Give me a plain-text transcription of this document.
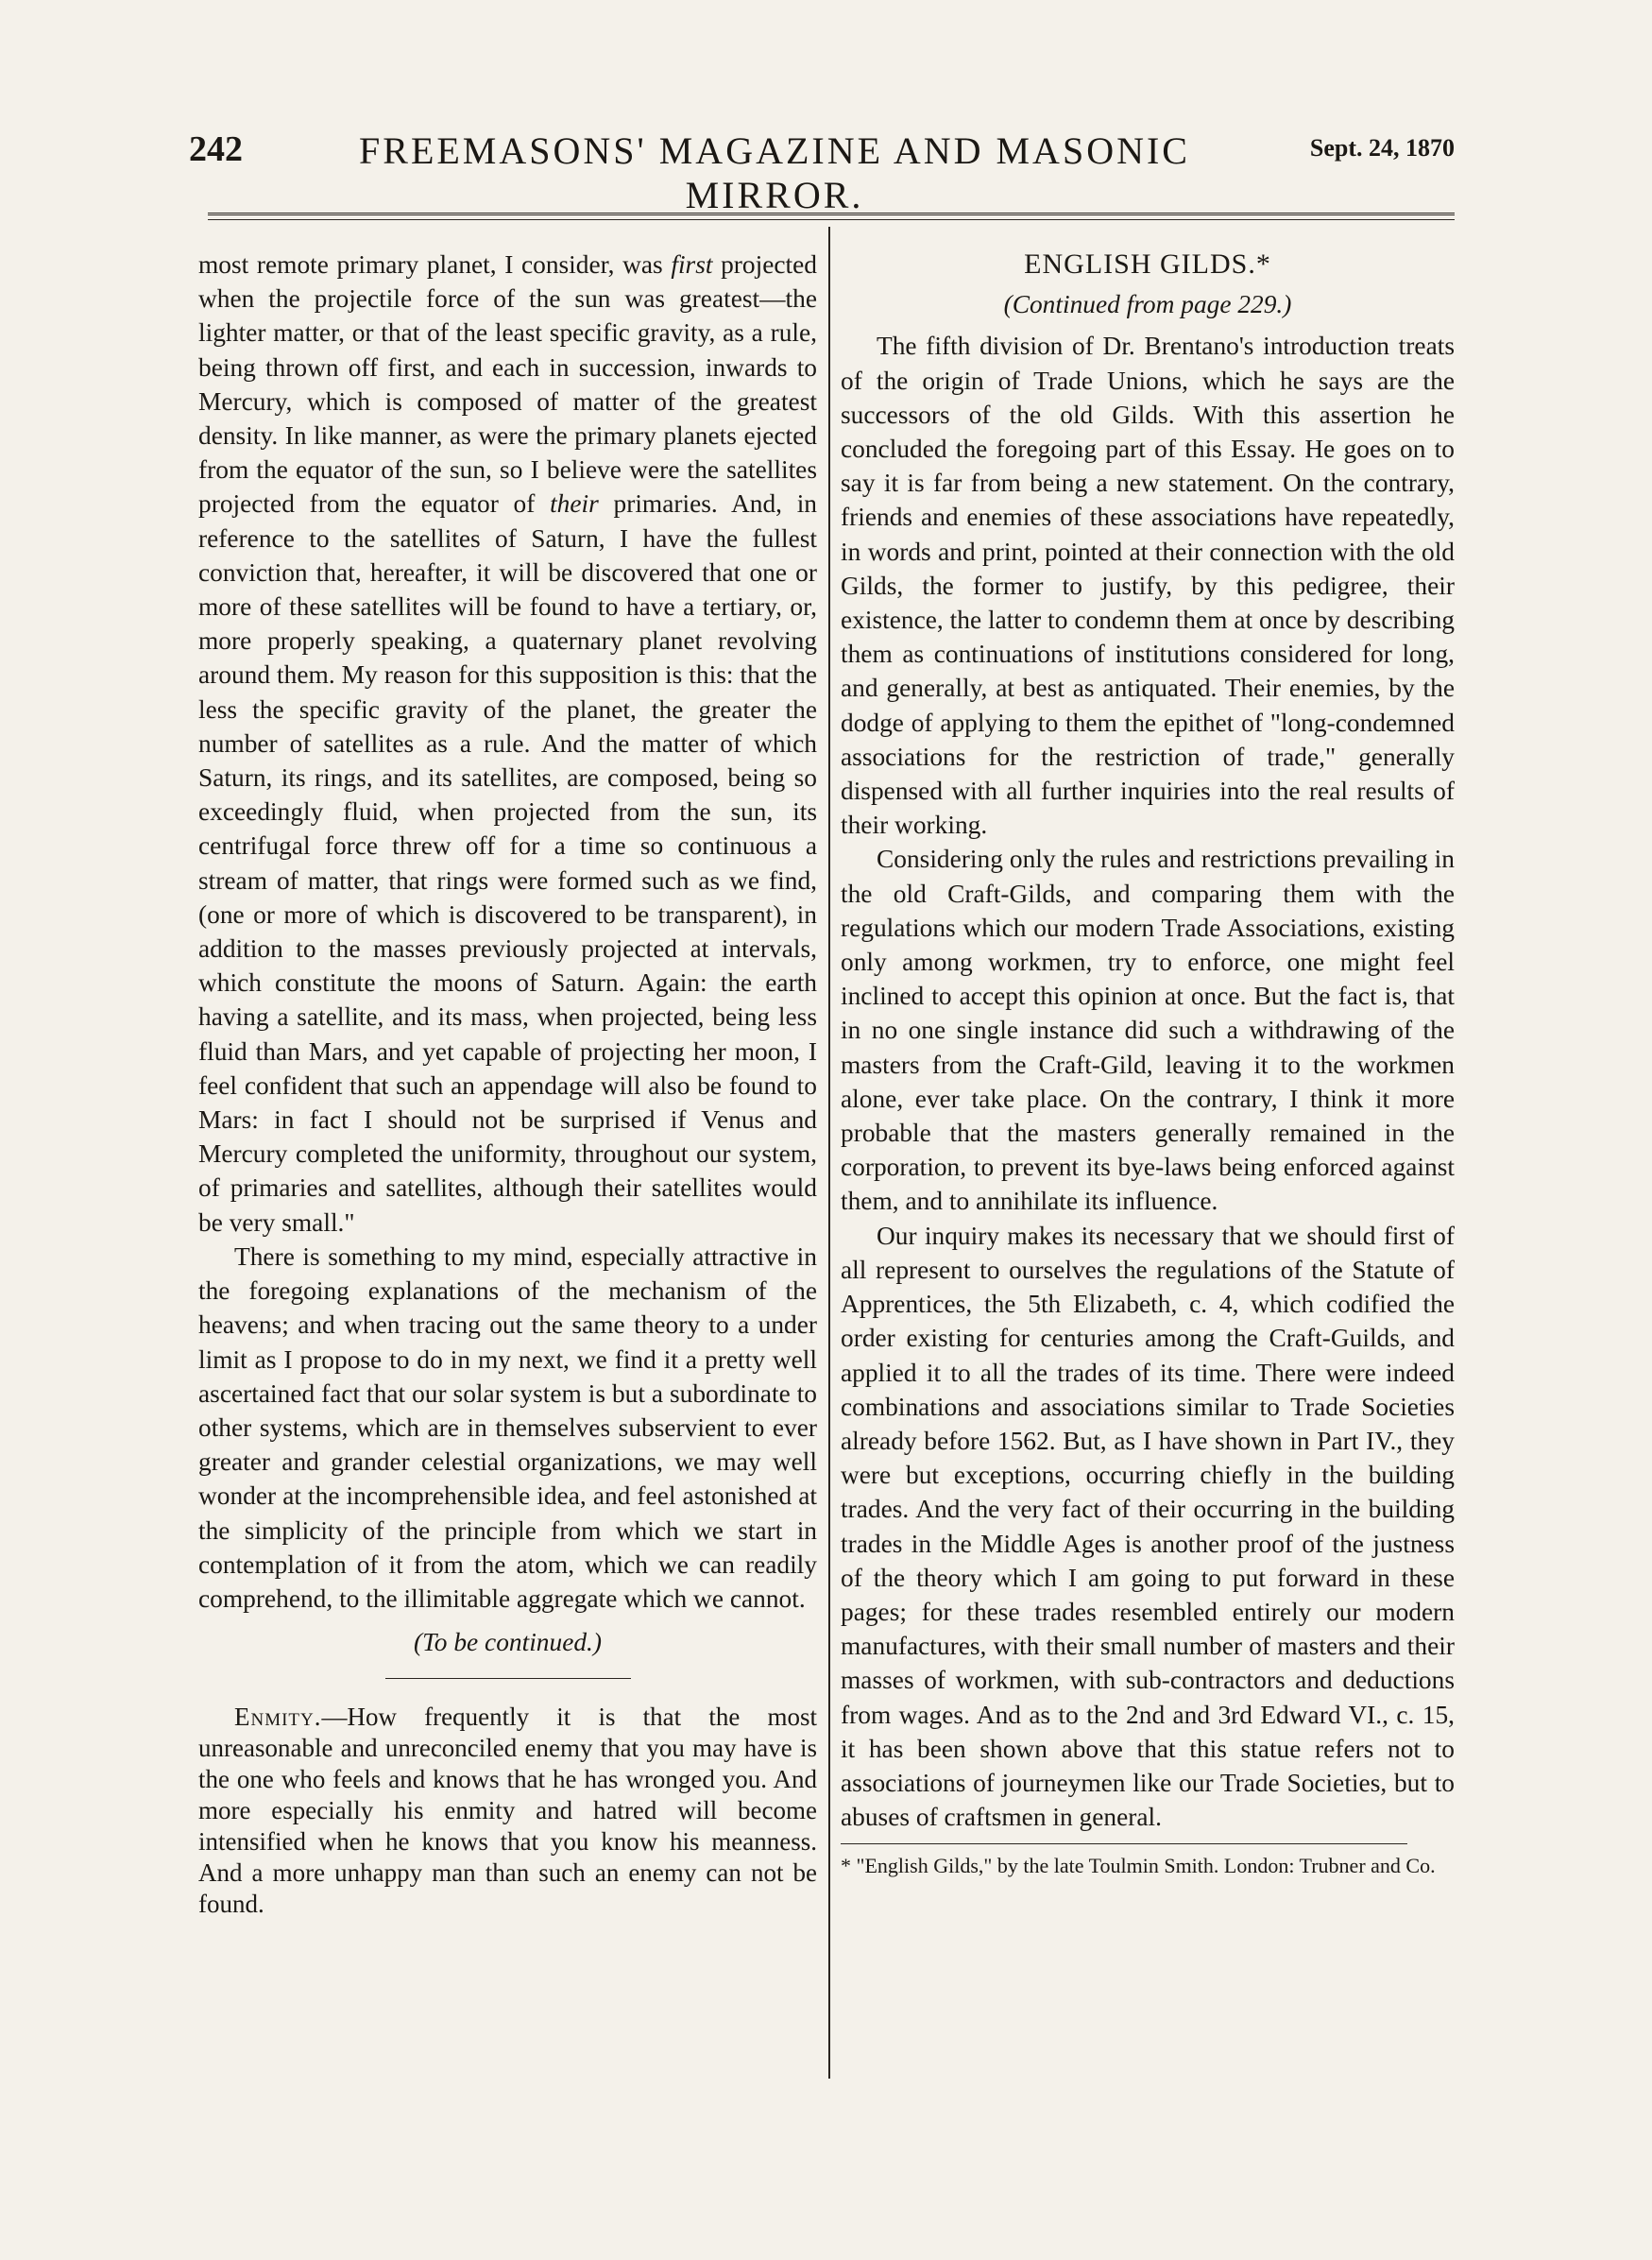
242	FREEMASONS' MAGAZINE AND MASONIC MIRROR.
Sept. 24, 1870

most remote primary planet, I consider, was first projected when the projectile force of the sun was greatest—the lighter matter, or that of the least specific gravity, as a rule, being thrown off first, and each in succession, inwards to Mercury, which is composed of matter of the greatest density. In like manner, as were the primary planets ejected from the equator of the sun, so I believe were the satellites projected from the equator of their primaries. And, in reference to the satellites of Saturn, I have the fullest conviction that, hereafter, it will be discovered that one or more of these satellites will be found to have a tertiary, or, more properly speaking, a quaternary planet revolving around them. My reason for this supposition is this: that the less the specific gravity of the planet, the greater the number of satellites as a rule. And the matter of which Saturn, its rings, and its satellites, are composed, being so exceedingly fluid, when projected from the sun, its centrifugal force threw off for a time so continuous a stream of matter, that rings were formed such as we find, (one or more of which is discovered to be transparent), in addition to the masses previously projected at intervals, which constitute the moons of Saturn. Again: the earth having a satellite, and its mass, when projected, being less fluid than Mars, and yet capable of projecting her moon, I feel confident that such an appendage will also be found to Mars: in fact I should not be surprised if Venus and Mercury completed the uniformity, throughout our system, of primaries and satellites, although their satellites would be very small."

There is something to my mind, especially attractive in the foregoing explanations of the mechanism of the heavens; and when tracing out the same theory to a under limit as I propose to do in my next, we find it a pretty well ascertained fact that our solar system is but a subordinate to other systems, which are in themselves subservient to ever greater and grander celestial organizations, we may well wonder at the incomprehensible idea, and feel astonished at the simplicity of the principle from which we start in contemplation of it from the atom, which we can readily comprehend, to the illimitable aggregate which we cannot.

(To be continued.)

Enmity.—How frequently it is that the most unreasonable and unreconciled enemy that you may have is the one who feels and knows that he has wronged you. And more especially his enmity and hatred will become intensified when he knows that you know his meanness. And a more unhappy man than such an enemy can not be found.

ENGLISH GILDS.*
(Continued from page 229.)

The fifth division of Dr. Brentano's introduction treats of the origin of Trade Unions, which he says are the successors of the old Gilds. With this assertion he concluded the foregoing part of this Essay. He goes on to say it is far from being a new statement. On the contrary, friends and enemies of these associations have repeatedly, in words and print, pointed at their connection with the old Gilds, the former to justify, by this pedigree, their existence, the latter to condemn them at once by describing them as continuations of institutions considered for long, and generally, at best as antiquated. Their enemies, by the dodge of applying to them the epithet of "long-condemned associations for the restriction of trade," generally dispensed with all further inquiries into the real results of their working.

Considering only the rules and restrictions prevailing in the old Craft-Gilds, and comparing them with the regulations which our modern Trade Associations, existing only among workmen, try to enforce, one might feel inclined to accept this opinion at once. But the fact is, that in no one single instance did such a withdrawing of the masters from the Craft-Gild, leaving it to the workmen alone, ever take place. On the contrary, I think it more probable that the masters generally remained in the corporation, to prevent its bye-laws being enforced against them, and to annihilate its influence.

Our inquiry makes its necessary that we should first of all represent to ourselves the regulations of the Statute of Apprentices, the 5th Elizabeth, c. 4, which codified the order existing for centuries among the Craft-Guilds, and applied it to all the trades of its time. There were indeed combinations and associations similar to Trade Societies already before 1562. But, as I have shown in Part IV., they were but exceptions, occurring chiefly in the building trades. And the very fact of their occurring in the building trades in the Middle Ages is another proof of the justness of the theory which I am going to put forward in these pages; for these trades resembled entirely our modern manufactures, with their small number of masters and their masses of workmen, with sub-contractors and deductions from wages. And as to the 2nd and 3rd Edward VI., c. 15, it has been shown above that this statue refers not to associations of journeymen like our Trade Societies, but to abuses of craftsmen in general.

* "English Gilds," by the late Toulmin Smith. London: Trubner and Co.
